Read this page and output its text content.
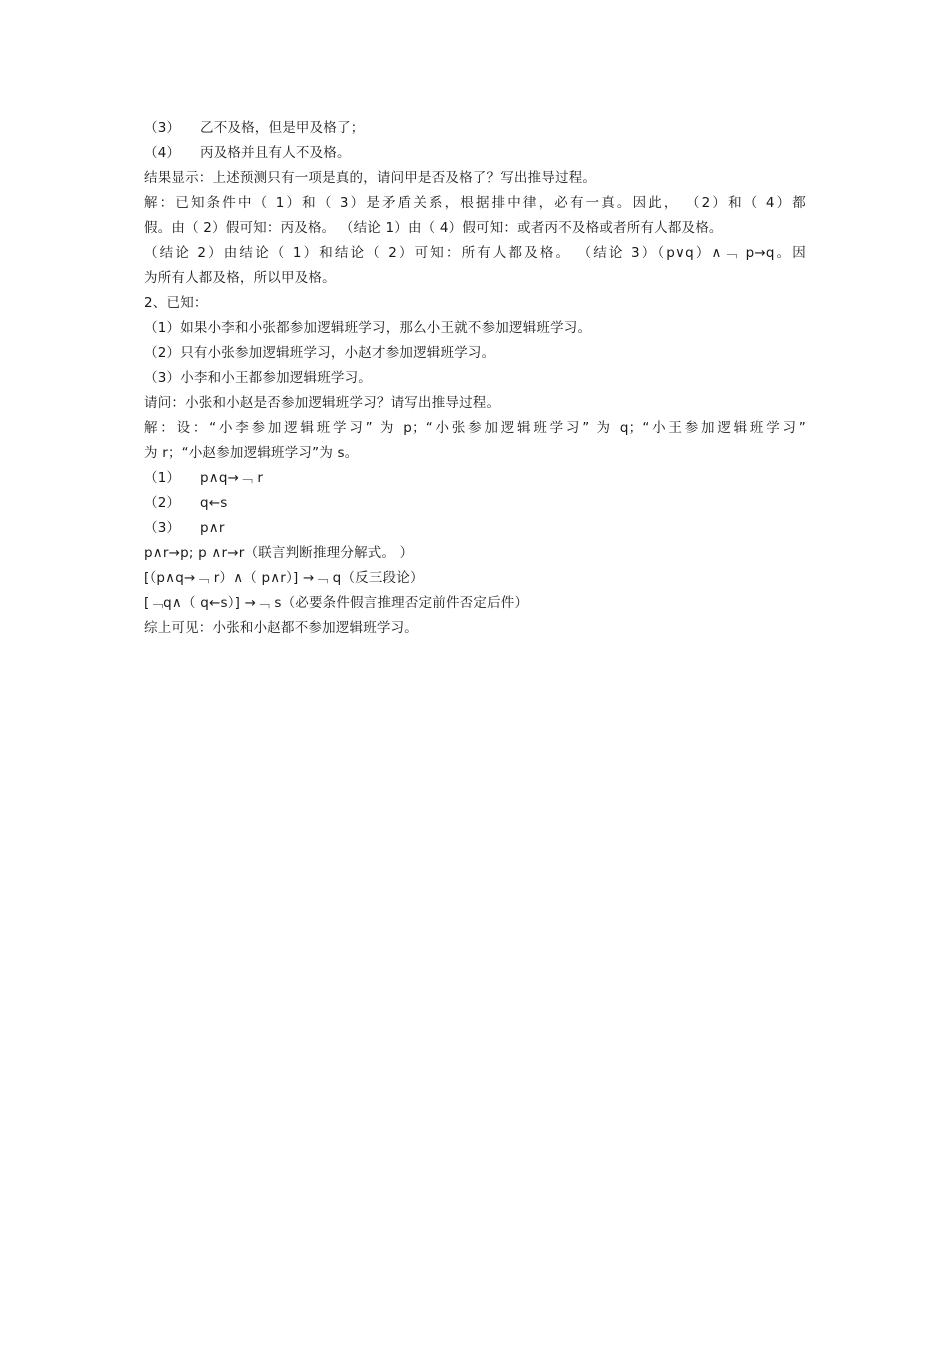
（3） 乙不及格，但是甲及格了；
（4） 丙及格并且有人不及格。
结果显示：上述预测只有一项是真的，请问甲是否及格了？写出推导过程。
解：已知条件中（ 1）和（ 3）是矛盾关系，根据排中律，必有一真。因此， （2）和（ 4）都
假。由（ 2）假可知：丙及格。 （结论 1）由（ 4）假可知：或者丙不及格或者所有人都及格。
（结论 2）由结论（ 1）和结论（ 2）可知：所有人都及格。 （结论 3）（p∨q）∧﹁ p→q。因
为所有人都及格，所以甲及格。
2、已知：
（1）如果小李和小张都参加逻辑班学习，那么小王就不参加逻辑班学习。
（2）只有小张参加逻辑班学习，小赵才参加逻辑班学习。
（3）小李和小王都参加逻辑班学习。
请问：小张和小赵是否参加逻辑班学习？请写出推导过程。
解：设：“小李参加逻辑班学习” 为 p；“小张参加逻辑班学习” 为 q；“小王参加逻辑班学习”
为 r；“小赵参加逻辑班学习”为 s。
（1） p∧q→﹁ r
（2） q←s
（3） p∧r
p∧r→p; p ∧r→r（联言判断推理分解式。 ）
[（p∧q→﹁ r）∧（ p∧r）] →﹁ q（反三段论）
[﹁q∧（ q←s）] →﹁ s（必要条件假言推理否定前件否定后件）
综上可见：小张和小赵都不参加逻辑班学习。
